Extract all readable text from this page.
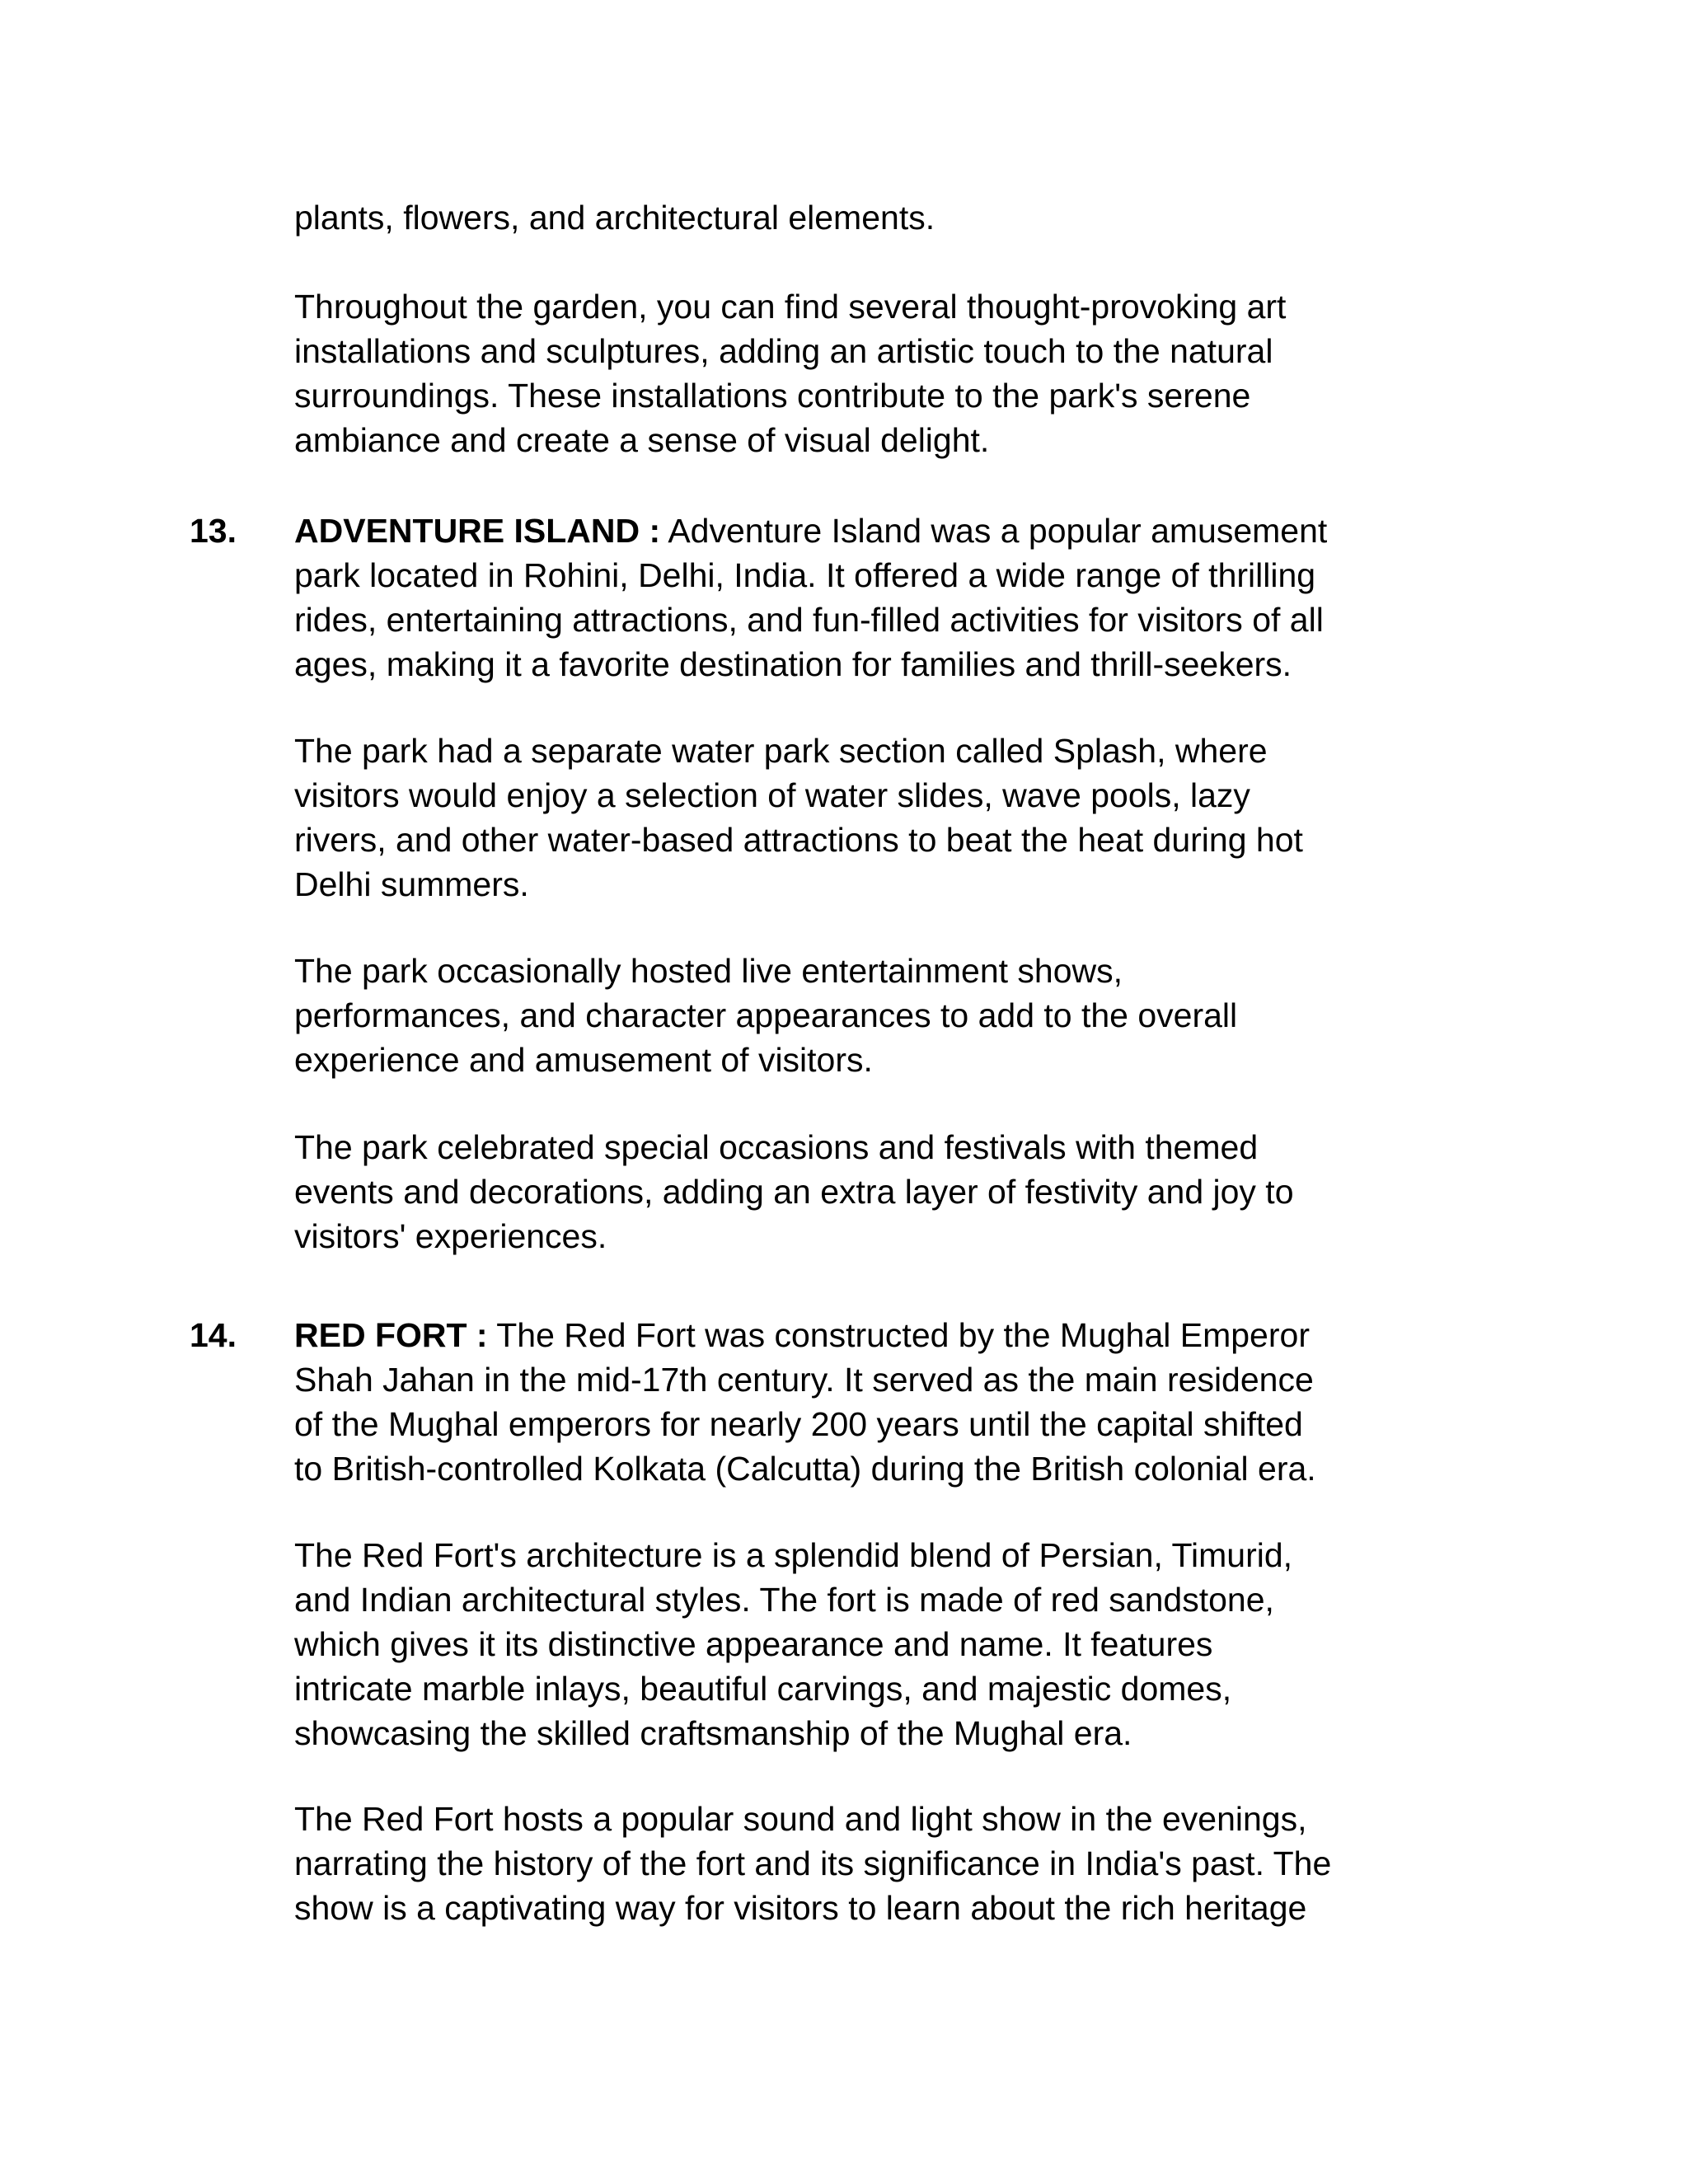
plants, flowers, and architectural elements.

Throughout the garden, you can find several thought-provoking art
installations and sculptures, adding an artistic touch to the natural
surroundings. These installations contribute to the park's serene
ambiance and create a sense of visual delight.

13. ADVENTURE ISLAND : Adventure Island was a popular amusement
park located in Rohini, Delhi, India. It offered a wide range of thrilling
rides, entertaining attractions, and fun-filled activities for visitors of all
ages, making it a favorite destination for families and thrill-seekers.

The park had a separate water park section called Splash, where
visitors would enjoy a selection of water slides, wave pools, lazy
rivers, and other water-based attractions to beat the heat during hot
Delhi summers.

The park occasionally hosted live entertainment shows,
performances, and character appearances to add to the overall
experience and amusement of visitors.

The park celebrated special occasions and festivals with themed
events and decorations, adding an extra layer of festivity and joy to
visitors' experiences.

14. RED FORT : The Red Fort was constructed by the Mughal Emperor
Shah Jahan in the mid-17th century. It served as the main residence
of the Mughal emperors for nearly 200 years until the capital shifted
to British-controlled Kolkata (Calcutta) during the British colonial era.

The Red Fort's architecture is a splendid blend of Persian, Timurid,
and Indian architectural styles. The fort is made of red sandstone,
which gives it its distinctive appearance and name. It features
intricate marble inlays, beautiful carvings, and majestic domes,
showcasing the skilled craftsmanship of the Mughal era.

The Red Fort hosts a popular sound and light show in the evenings,
narrating the history of the fort and its significance in India's past. The
show is a captivating way for visitors to learn about the rich heritage
